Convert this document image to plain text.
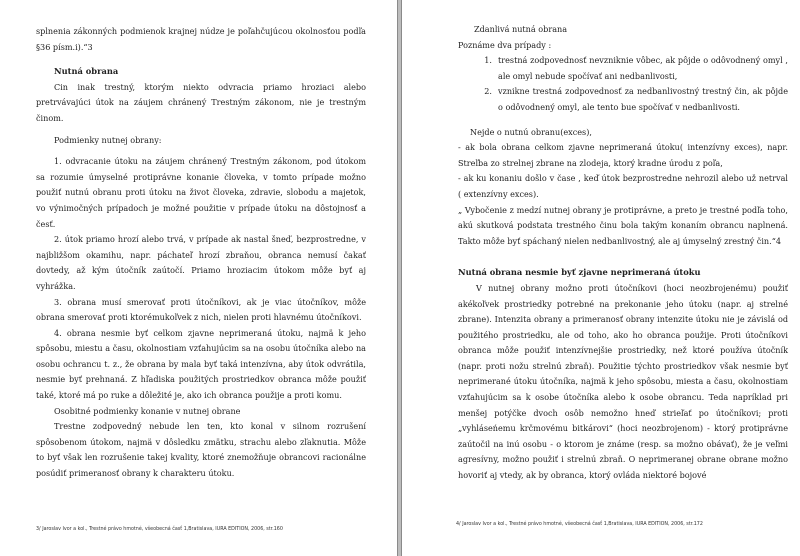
splnenia zákonných podmienok krajnej núdze je poľahčujúcou okolnosťou podľa §36 písm.i).“3

Nutná obrana

Cin inak trestný, ktorým niekto odvracia priamo hroziaci alebo pretrvávajúci útok na záujem chránený Trestným zákonom, nie je trestným činom.

Podmienky nutnej obrany:

1. odvracanie útoku na záujem chránený Trestným zákonom, pod útokom sa rozumie úmyselné protiprávne konanie človeka, v tomto prípade možno použiť nutnú obranu proti útoku na život človeka, zdravie, slobodu a majetok, vo výnimočných prípadoch je možné použitie v prípade útoku na dôstojnosť a česť.

2. útok priamo hrozí alebo trvá, v prípade ak nastal šneď, bezprostredne, v najbližšom okamihu, napr. páchateľ hrozí zbraňou, obranca nemusí čakať dovtedy, až kým útočník zaútočí. Priamo hroziacim útokom môže byť aj vyhrážka.

3. obrana musí smerovať proti útočníkovi, ak je viac útočníkov, môže obrana smerovať proti ktorémukoľvek z nich, nielen proti hlavnému útočníkovi.

4. obrana nesmie byť celkom zjavne neprimeraná útoku, najmä k jeho spôsobu, miestu a času, okolnostiam vzťahujúcim sa na osobu útočníka alebo na osobu ochrancu t. z., že obrana by mala byť taká intenzívna, aby útok odvrátila, nesmie byť prehnaná. Z hľadiska použitých prostriedkov obranca môže použiť také, ktoré má po ruke a dôležité je, ako ich obranca použije a proti komu.

Osobitné podmienky konanie v nutnej obrane

Trestne zodpovedný nebude len ten, kto konal v silnom rozrušení spôsobenom útokom, najmä v dôsledku zmätku, strachu alebo zľaknutia. Môže to byť však len rozrušenie takej kvality, ktoré znemožňuje obrancovi racionálne posúdiť primeranosť obrany k charakteru útoku.

3/ Jaroslav Ivor a kol., Trestné právo hmotné, všeobecná časť 1,Bratislava, IURA EDITION, 2006, str.160

Zdanlivá nutná obrana

Poznáme dva prípady :

1. trestná zodpovednosť nevzniknie vôbec, ak pôjde o odôvodnený omyl , ale omyl nebude spočívať ani nedbanlivosti,
2. vznikne trestná zodpovednosť za nedbanlivostný trestný čin, ak pôjde o odôvodnený omyl, ale tento bue spočívať v nedbanlivosti.

Nejde o nutnú obranu(exces),

- ak bola obrana celkom zjavne neprimeraná útoku( intenzívny exces), napr. Streľba zo strelnej zbrane na zlodeja, ktorý kradne úrodu z poľa,

- ak ku konaniu došlo v čase , keď útok bezprostredne nehrozil alebo už netrval ( extenzívny exces).

„ Vybočenie z medzí nutnej obrany je protiprávne, a preto je trestné podľa toho, akú skutková podstata trestného činu bola takým konaním obrancu naplnená. Takto môže byť spáchaný nielen nedbanlivostný, ale aj úmyselný zrestný čin.“4

Nutná obrana nesmie byť zjavne neprimeraná útoku

V nutnej obrany možno proti útočníkovi (hoci neozbrojenému) použiť akékoľvek prostriedky potrebné na prekonanie jeho útoku (napr. aj strelné zbrane). Intenzita obrany a primeranosť obrany intenzite útoku nie je závislá od použitého prostriedku, ale od toho, ako ho obranca použije. Proti útočníkovi obranca môže použiť intenzívnejšie prostriedky, než ktoré používa útočník (napr. proti nožu strelnú zbraň). Použitie týchto prostriedkov však nesmie byť neprimerané útoku útočníka, najmä k jeho spôsobu, miesta a času, okolnostiam vzťahujúcim sa k osobe útočníka alebo k osobe obrancu. Teda napríklad pri menšej potýčke dvoch osôb nemožno hneď strieľať po útočníkovi; proti „vyhláseńemu krčmovému bitkárovi“ (hoci neozbrojenom) - ktorý protiprávne zaútočil na inú osobu - o ktorom je známe (resp. sa možno obávať), že je veľmi agresívny, možno použiť i strelnú zbraň. O neprimeranej obrane obrane možno hovoriť aj vtedy, ak by obranca, ktorý ovláda niektoré bojové

4/ Jaroslav Ivor a kol., Trestné právo hmotné, všeobecná časť 1,Bratislava, IURA EDITION, 2006, str.172
